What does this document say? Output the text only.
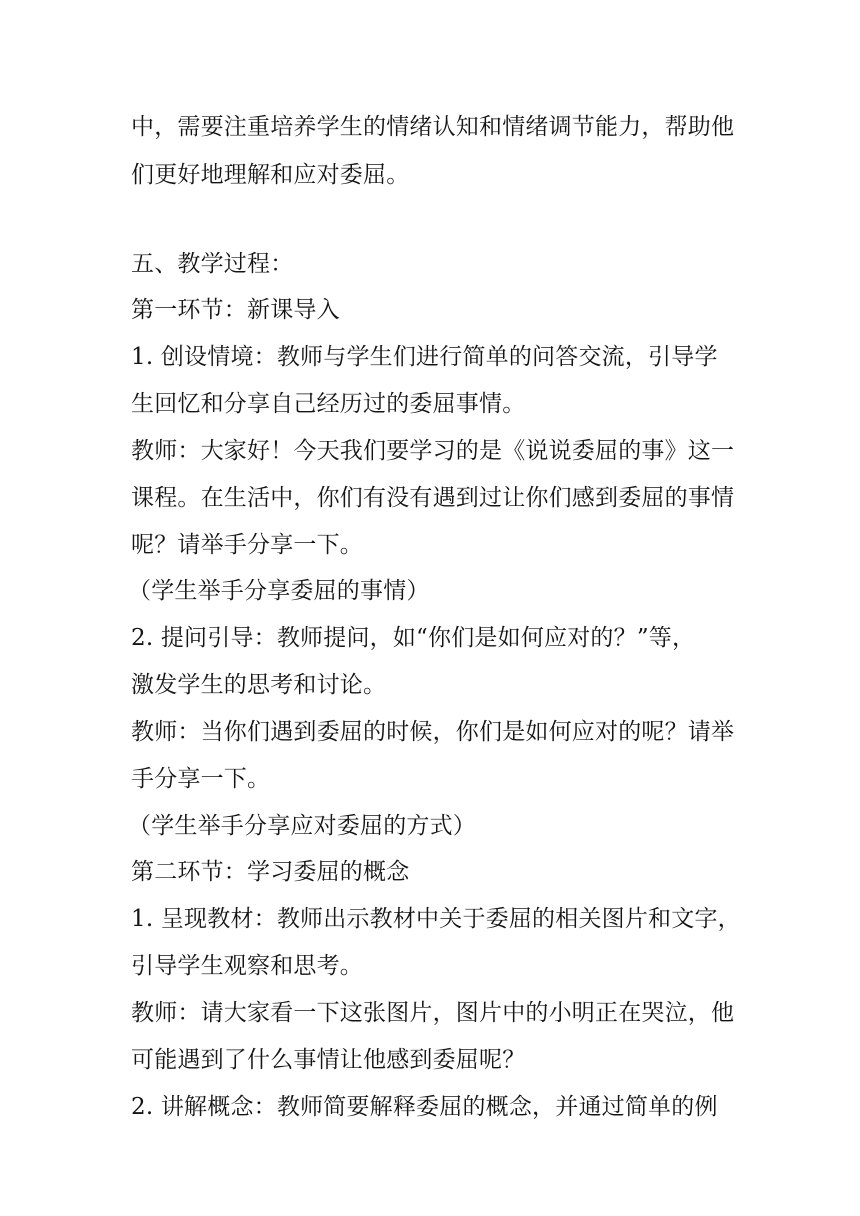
中，需要注重培养学生的情绪认知和情绪调节能力，帮助他
们更好地理解和应对委屈。
五、教学过程：
第一环节：新课导入
1. 创设情境：教师与学生们进行简单的问答交流，引导学
生回忆和分享自己经历过的委屈事情。
教师：大家好！今天我们要学习的是《说说委屈的事》这一
课程。在生活中，你们有没有遇到过让你们感到委屈的事情
呢？请举手分享一下。
（学生举手分享委屈的事情）
2. 提问引导：教师提问，如“你们是如何应对的？”等，
激发学生的思考和讨论。
教师：当你们遇到委屈的时候，你们是如何应对的呢？请举
手分享一下。
（学生举手分享应对委屈的方式）
第二环节：学习委屈的概念
1. 呈现教材：教师出示教材中关于委屈的相关图片和文字，
引导学生观察和思考。
教师：请大家看一下这张图片，图片中的小明正在哭泣，他
可能遇到了什么事情让他感到委屈呢？
2. 讲解概念：教师简要解释委屈的概念，并通过简单的例
